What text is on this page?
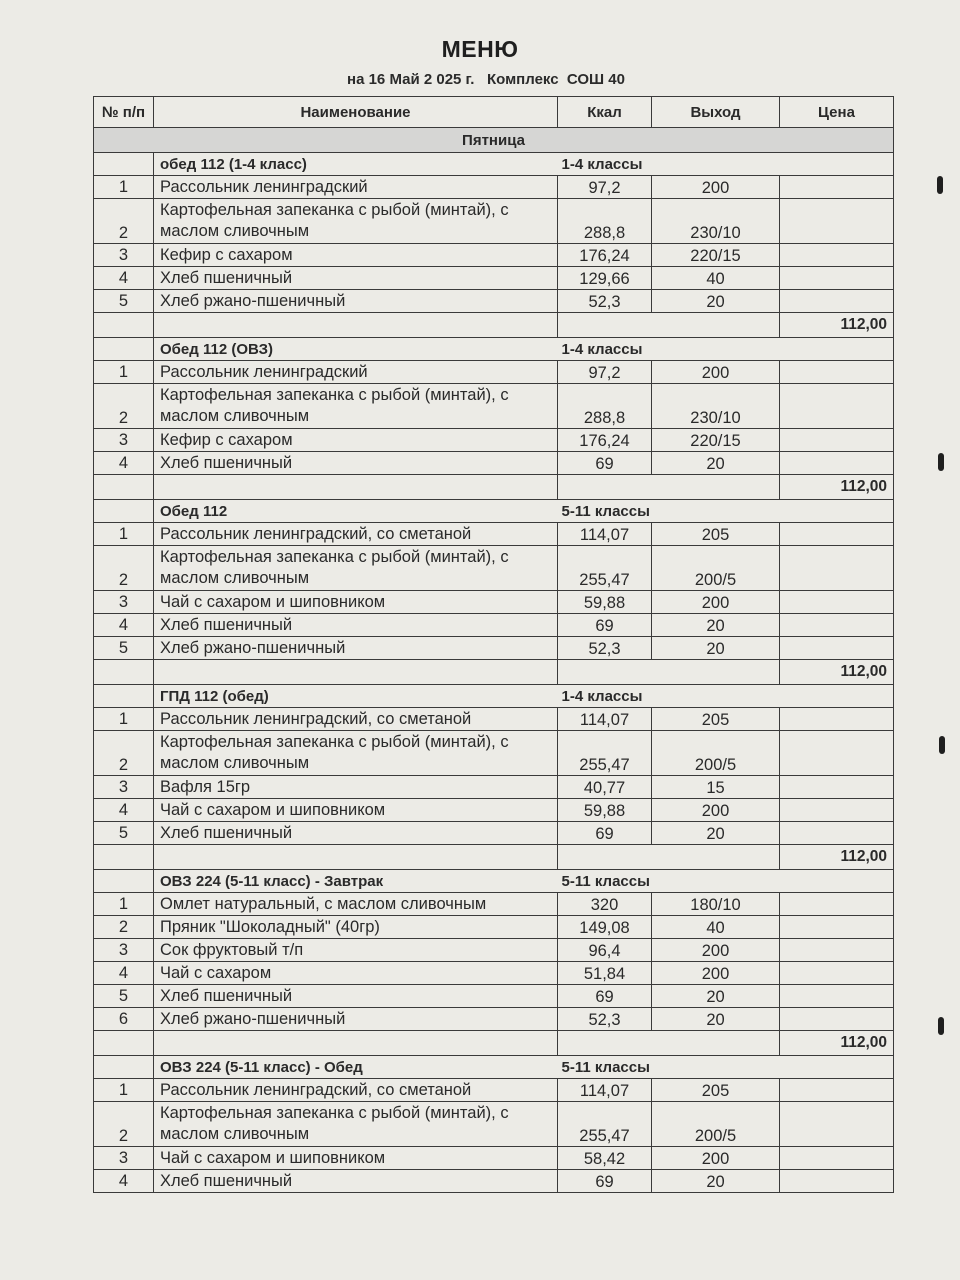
МЕНЮ
на 16 Май 2 025 г.   Комплекс  СОШ 40
№ п/п	Наименование	Ккал	Выход	Цена
Пятница				
	обед 112 (1-4 класс)	1-4 классы		
1	Рассольник ленинградский	97,2	200	
2	Картофельная запеканка с рыбой (минтай), с маслом сливочным	288,8	230/10	
3	Кефир с сахаром	176,24	220/15	
4	Хлеб пшеничный	129,66	40	
5	Хлеб ржано-пшеничный	52,3	20	
				112,00
	Обед 112 (ОВЗ)	1-4 классы		
1	Рассольник ленинградский	97,2	200	
2	Картофельная запеканка с рыбой (минтай), с маслом сливочным	288,8	230/10	
3	Кефир с сахаром	176,24	220/15	
4	Хлеб пшеничный	69	20	
				112,00
	Обед 112	5-11 классы		
1	Рассольник ленинградский, со сметаной	114,07	205	
2	Картофельная запеканка с рыбой (минтай), с маслом сливочным	255,47	200/5	
3	Чай с сахаром и шиповником	59,88	200	
4	Хлеб пшеничный	69	20	
5	Хлеб ржано-пшеничный	52,3	20	
				112,00
	ГПД 112 (обед)	1-4 классы		
1	Рассольник ленинградский, со сметаной	114,07	205	
2	Картофельная запеканка с рыбой (минтай), с маслом сливочным	255,47	200/5	
3	Вафля 15гр	40,77	15	
4	Чай с сахаром и шиповником	59,88	200	
5	Хлеб пшеничный	69	20	
				112,00
	ОВЗ 224 (5-11 класс) - Завтрак	5-11 классы		
1	Омлет натуральный, с маслом сливочным	320	180/10	
2	Пряник "Шоколадный" (40гр)	149,08	40	
3	Сок фруктовый т/п	96,4	200	
4	Чай с сахаром	51,84	200	
5	Хлеб пшеничный	69	20	
6	Хлеб ржано-пшеничный	52,3	20	
				112,00
	ОВЗ 224 (5-11 класс) - Обед	5-11 классы		
1	Рассольник ленинградский, со сметаной	114,07	205	
2	Картофельная запеканка с рыбой (минтай), с маслом сливочным	255,47	200/5	
3	Чай с сахаром и шиповником	58,42	200	
4	Хлеб пшеничный	69	20	
